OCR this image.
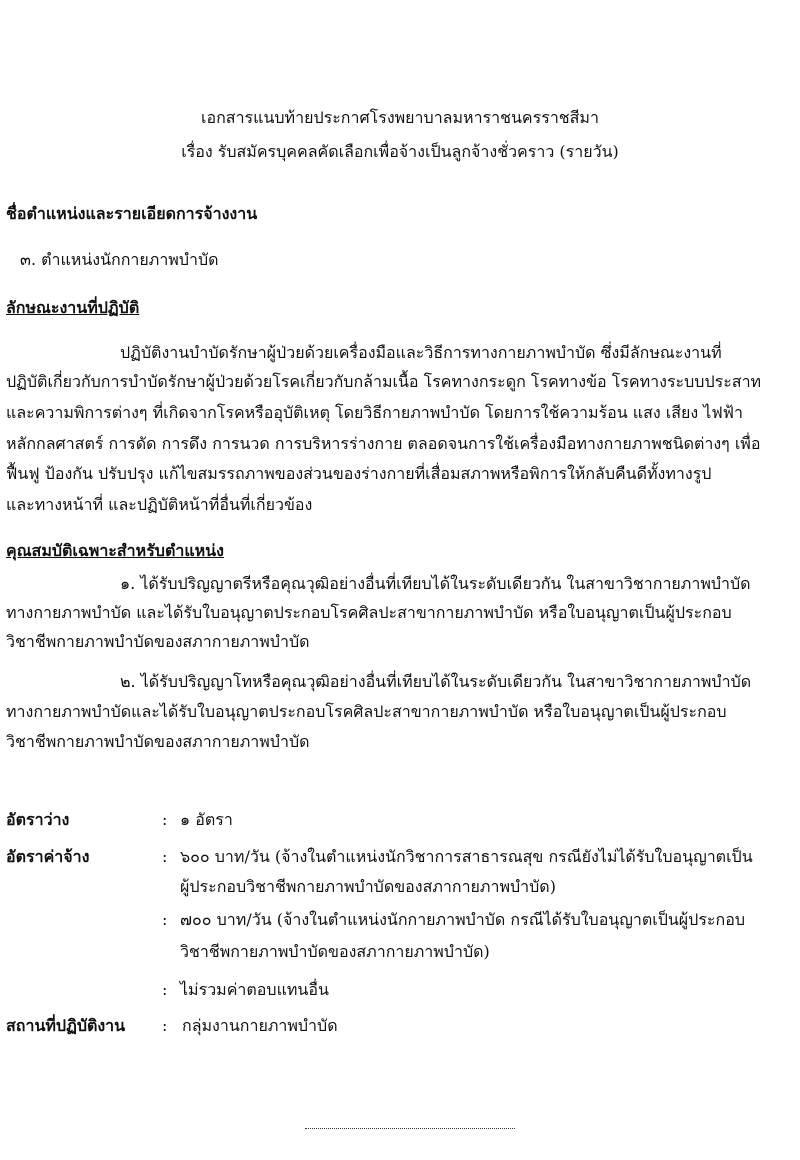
เอกสารแนบท้ายประกาศโรงพยาบาลมหาราชนครราชสีมา
เรื่อง รับสมัครบุคคลคัดเลือกเพื่อจ้างเป็นลูกจ้างชั่วคราว (รายวัน)
ชื่อตำแหน่งและรายเอียดการจ้างงาน
๓. ตำแหน่งนักกายภาพบำบัด
ลักษณะงานที่ปฏิบัติ
ปฏิบัติงานบำบัดรักษาผู้ป่วยด้วยเครื่องมือและวิธีการทางกายภาพบำบัด ซึ่งมีลักษณะงานที่
ปฏิบัติเกี่ยวกับการบำบัดรักษาผู้ป่วยด้วยโรคเกี่ยวกับกล้ามเนื้อ โรคทางกระดูก โรคทางข้อ โรคทางระบบประสาท
และความพิการต่างๆ ที่เกิดจากโรคหรืออุบัติเหตุ โดยวิธีกายภาพบำบัด โดยการใช้ความร้อน แสง เสียง ไฟฟ้า
หลักกลศาสตร์ การดัด การดึง การนวด การบริหารร่างกาย ตลอดจนการใช้เครื่องมือทางกายภาพชนิดต่างๆ เพื่อ
ฟื้นฟู ป้องกัน ปรับปรุง แก้ไขสมรรถภาพของส่วนของร่างกายที่เสื่อมสภาพหรือพิการให้กลับคืนดีทั้งทางรูป
และทางหน้าที่ และปฏิบัติหน้าที่อื่นที่เกี่ยวข้อง
คุณสมบัติเฉพาะสำหรับตำแหน่ง
๑. ได้รับปริญญาตรีหรือคุณวุฒิอย่างอื่นที่เทียบได้ในระดับเดียวกัน ในสาขาวิชากายภาพบำบัด
ทางกายภาพบำบัด และได้รับใบอนุญาตประกอบโรคศิลปะสาขากายภาพบำบัด หรือใบอนุญาตเป็นผู้ประกอบ
วิชาชีพกายภาพบำบัดของสภากายภาพบำบัด
๒. ได้รับปริญญาโทหรือคุณวุฒิอย่างอื่นที่เทียบได้ในระดับเดียวกัน ในสาขาวิชากายภาพบำบัด
ทางกายภาพบำบัดและได้รับใบอนุญาตประกอบโรคศิลปะสาขากายภาพบำบัด หรือใบอนุญาตเป็นผู้ประกอบ
วิชาชีพกายภาพบำบัดของสภากายภาพบำบัด
อัตราว่าง	: ๑ อัตรา
อัตราค่าจ้าง	: ๖๐๐ บาท/วัน (จ้างในตำแหน่งนักวิชาการสาธารณสุข กรณียังไม่ได้รับใบอนุญาตเป็น
ผู้ประกอบวิชาชีพกายภาพบำบัดของสภากายภาพบำบัด)
: ๗๐๐ บาท/วัน (จ้างในตำแหน่งนักกายภาพบำบัด กรณีได้รับใบอนุญาตเป็นผู้ประกอบ
วิชาชีพกายภาพบำบัดของสภากายภาพบำบัด)
: ไม่รวมค่าตอบแทนอื่น
สถานที่ปฏิบัติงาน : กลุ่มงานกายภาพบำบัด
